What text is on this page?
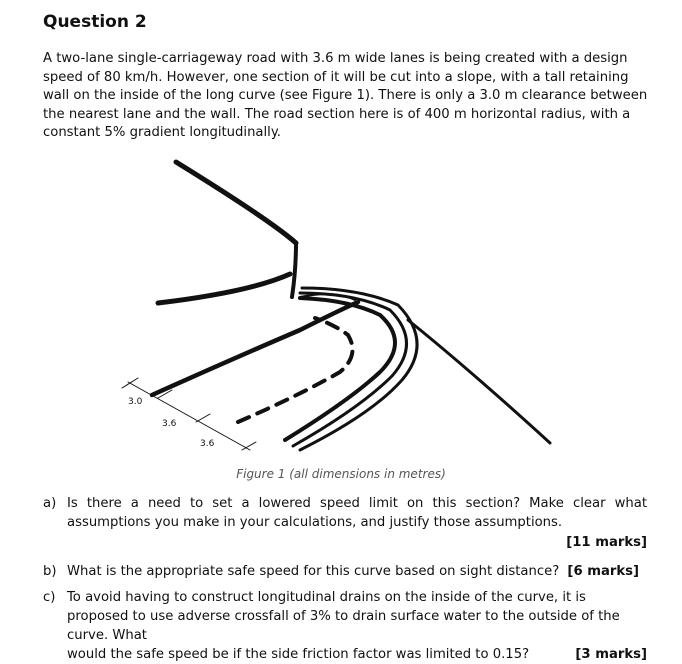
Question 2
A two-lane single-carriageway road with 3.6 m wide lanes is being created with a design speed of 80 km/h. However, one section of it will be cut into a slope, with a tall retaining wall on the inside of the long curve (see Figure 1). There is only a 3.0 m clearance between the nearest lane and the wall. The road section here is of 400 m horizontal radius, with a constant 5% gradient longitudinally.
3.0
3.6
3.6
Figure 1 (all dimensions in metres)
a) Is there a need to set a lowered speed limit on this section? Make clear what assumptions you make in your calculations, and justify those assumptions.
[11 marks]
b) What is the appropriate safe speed for this curve based on sight distance? [6 marks]
c) To avoid having to construct longitudinal drains on the inside of the curve, it is proposed to use adverse crossfall of 3% to drain surface water to the outside of the curve. What
would the safe speed be if the side friction factor was limited to 0.15?	[3 marks]
